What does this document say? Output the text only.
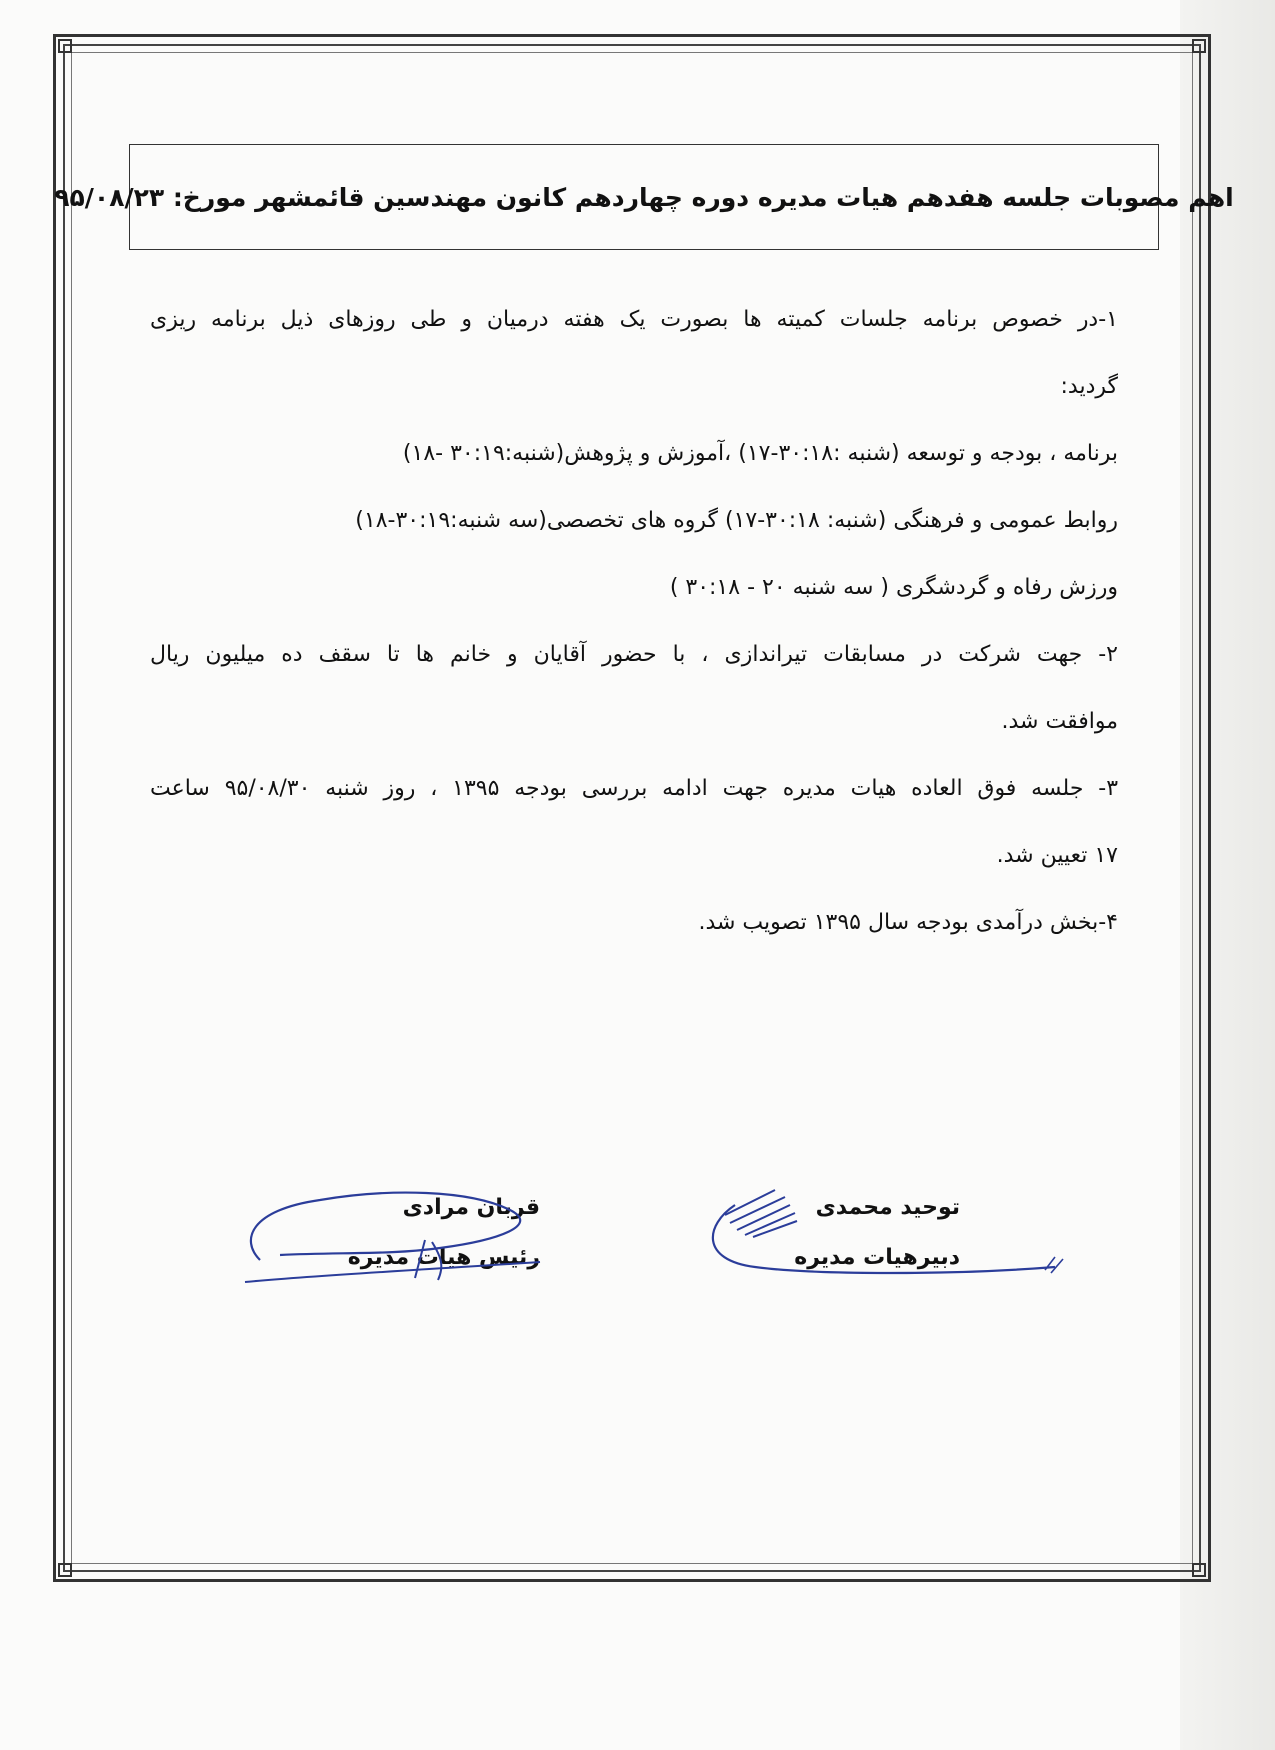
اهم مصوبات جلسه هفدهم هیات مدیره دوره چهاردهم کانون مهندسین قائمشهر مورخ: ۹۵/۰۸/۲۳
۱-در خصوص برنامه جلسات کمیته ها بصورت یک هفته درمیان و طی روزهای ذیل برنامه ریزی
گردید:
برنامه ، بودجه و توسعه (شنبه :۳۰:۱۸-۱۷) ،آموزش و پژوهش(شنبه:۳۰:۱۹ -۱۸)
روابط عمومی و فرهنگی (شنبه: ۳۰:۱۸-۱۷) گروه های تخصصی(سه شنبه:۳۰:۱۹-۱۸)
ورزش رفاه و گردشگری ( سه شنبه ۲۰ - ۳۰:۱۸ )
۲- جهت شرکت در مسابقات تیراندازی ، با حضور آقایان و خانم ها تا سقف ده میلیون ریال
موافقت شد.
۳- جلسه فوق العاده هیات مدیره جهت ادامه بررسی بودجه ۱۳۹۵ ، روز شنبه ۹۵/۰۸/۳۰ ساعت
۱۷ تعیین شد.
۴-بخش درآمدی بودجه سال ۱۳۹۵ تصویب شد.
قربان مرادی
رئیس هیات مدیره
توحید محمدی
دبیرهیات مدیره
